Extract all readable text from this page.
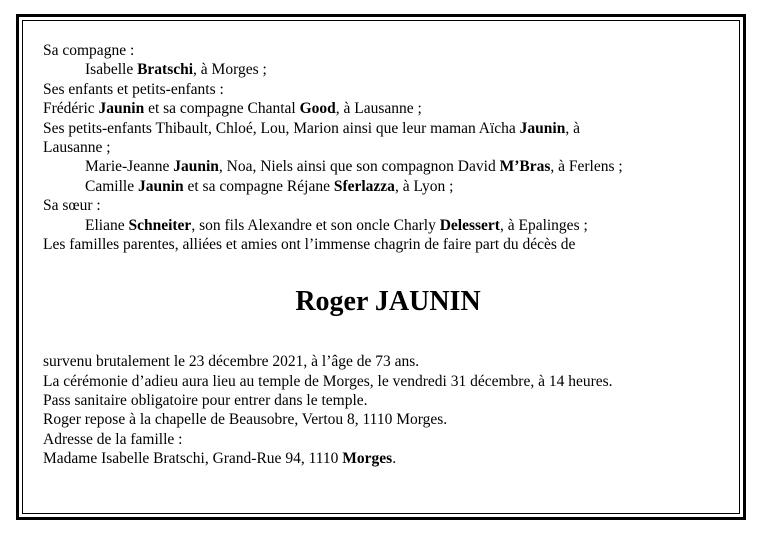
Sa compagne :
Isabelle Bratschi, à Morges ;
Ses enfants et petits-enfants :
Frédéric Jaunin et sa compagne Chantal Good, à Lausanne ;
Ses petits-enfants Thibault, Chloé, Lou, Marion ainsi que leur maman Aïcha Jaunin, à
Lausanne ;
Marie-Jeanne Jaunin, Noa, Niels ainsi que son compagnon David M’Bras, à Ferlens ;
Camille Jaunin et sa compagne Réjane Sferlazza, à Lyon ;
Sa sœur :
Eliane Schneiter, son fils Alexandre et son oncle Charly Delessert, à Epalinges ;
Les familles parentes, alliées et amies ont l’immense chagrin de faire part du décès de
Roger JAUNIN
survenu brutalement le 23 décembre 2021, à l’âge de 73 ans.
La cérémonie d’adieu aura lieu au temple de Morges, le vendredi 31 décembre, à 14 heures.
Pass sanitaire obligatoire pour entrer dans le temple.
Roger repose à la chapelle de Beausobre, Vertou 8, 1110 Morges.
Adresse de la famille :
Madame Isabelle Bratschi, Grand-Rue 94, 1110 Morges.
